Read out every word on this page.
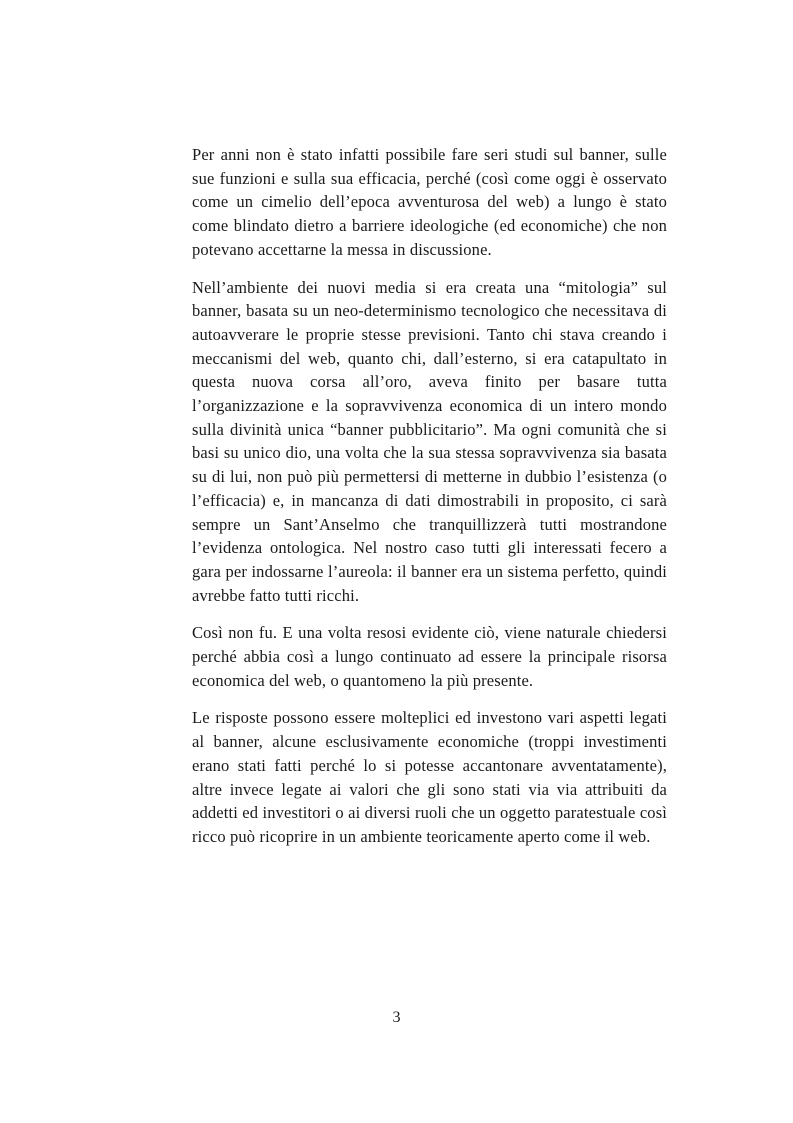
Per anni non è stato infatti possibile fare seri studi sul banner, sulle sue funzioni e sulla sua efficacia, perché (così come oggi è osservato come un cimelio dell’epoca avventurosa del web) a lungo è stato come blindato dietro a barriere ideologiche (ed economiche) che non potevano accettarne la messa in discussione.

Nell’ambiente dei nuovi media si era creata una “mitologia” sul banner, basata su un neo-determinismo tecnologico che necessitava di autoavverare le proprie stesse previsioni. Tanto chi stava creando i meccanismi del web, quanto chi, dall’esterno, si era catapultato in questa nuova corsa all’oro, aveva finito per basare tutta l’organizzazione e la sopravvivenza economica di un intero mondo sulla divinità unica “banner pubblicitario”. Ma ogni comunità che si basi su unico dio, una volta che la sua stessa sopravvivenza sia basata su di lui, non può più permettersi di metterne in dubbio l’esistenza (o l’efficacia) e, in mancanza di dati dimostrabili in proposito, ci sarà sempre un Sant’Anselmo che tranquillizzerà tutti mostrandone l’evidenza ontologica. Nel nostro caso tutti gli interessati fecero a gara per indossarne l’aureola: il banner era un sistema perfetto, quindi avrebbe fatto tutti ricchi.

Così non fu. E una volta resosi evidente ciò, viene naturale chiedersi perché abbia così a lungo continuato ad essere la principale risorsa economica del web, o quantomeno la più presente.

Le risposte possono essere molteplici ed investono vari aspetti legati al banner, alcune esclusivamente economiche (troppi investimenti erano stati fatti perché lo si potesse accantonare avventatamente), altre invece legate ai valori che gli sono stati via via attribuiti da addetti ed investitori o ai diversi ruoli che un oggetto paratestuale così ricco può ricoprire in un ambiente teoricamente aperto come il web.

3
